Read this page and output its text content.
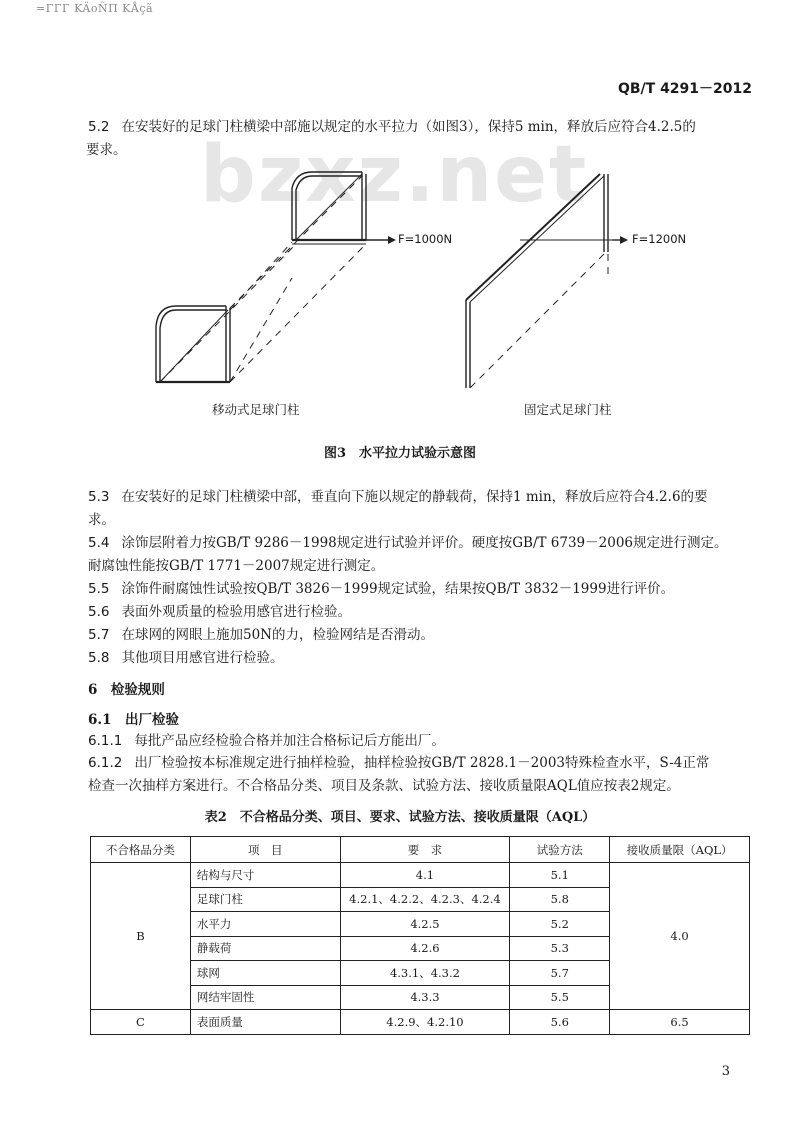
=ΓΓΓ KÄoÑΠ KÅçã
QB/T 4291－2012
5.2 在安装好的足球门柱横梁中部施以规定的水平拉力（如图3），保持5 min，释放后应符合4.2.5的
要求。 bzxz.net
F=1000N	F=1200N
移动式足球门柱	固定式足球门柱
图3　水平拉力试验示意图
5.3 在安装好的足球门柱横梁中部，垂直向下施以规定的静载荷，保持1 min，释放后应符合4.2.6的要
求。
5.4 涂饰层附着力按GB/T 9286－1998规定进行试验并评价。硬度按GB/T 6739－2006规定进行测定。
耐腐蚀性能按GB/T 1771－2007规定进行测定。
5.5 涂饰件耐腐蚀性试验按QB/T 3826－1999规定试验，结果按QB/T 3832－1999进行评价。
5.6 表面外观质量的检验用感官进行检验。
5.7 在球网的网眼上施加50N的力，检验网结是否滑动。
5.8 其他项目用感官进行检验。
6　检验规则
6.1　出厂检验
6.1.1 每批产品应经检验合格并加注合格标记后方能出厂。
6.1.2 出厂检验按本标准规定进行抽样检验，抽样检验按GB/T 2828.1－2003特殊检查水平，S-4正常
检查一次抽样方案进行。不合格品分类、项目及条款、试验方法、接收质量限AQL值应按表2规定。
表2　不合格品分类、项目、要求、试验方法、接收质量限（AQL）
不合格品分类	项　目	要　求	试验方法	接收质量限（AQL）
B	结构与尺寸	4.1	5.1	4.0
	足球门柱	4.2.1、4.2.2、4.2.3、4.2.4	5.8	
	水平力	4.2.5	5.2	
	静载荷	4.2.6	5.3	
	球网	4.3.1、4.3.2	5.7	
	网结牢固性	4.3.3	5.5	
C	表面质量	4.2.9、4.2.10	5.6	6.5
3
